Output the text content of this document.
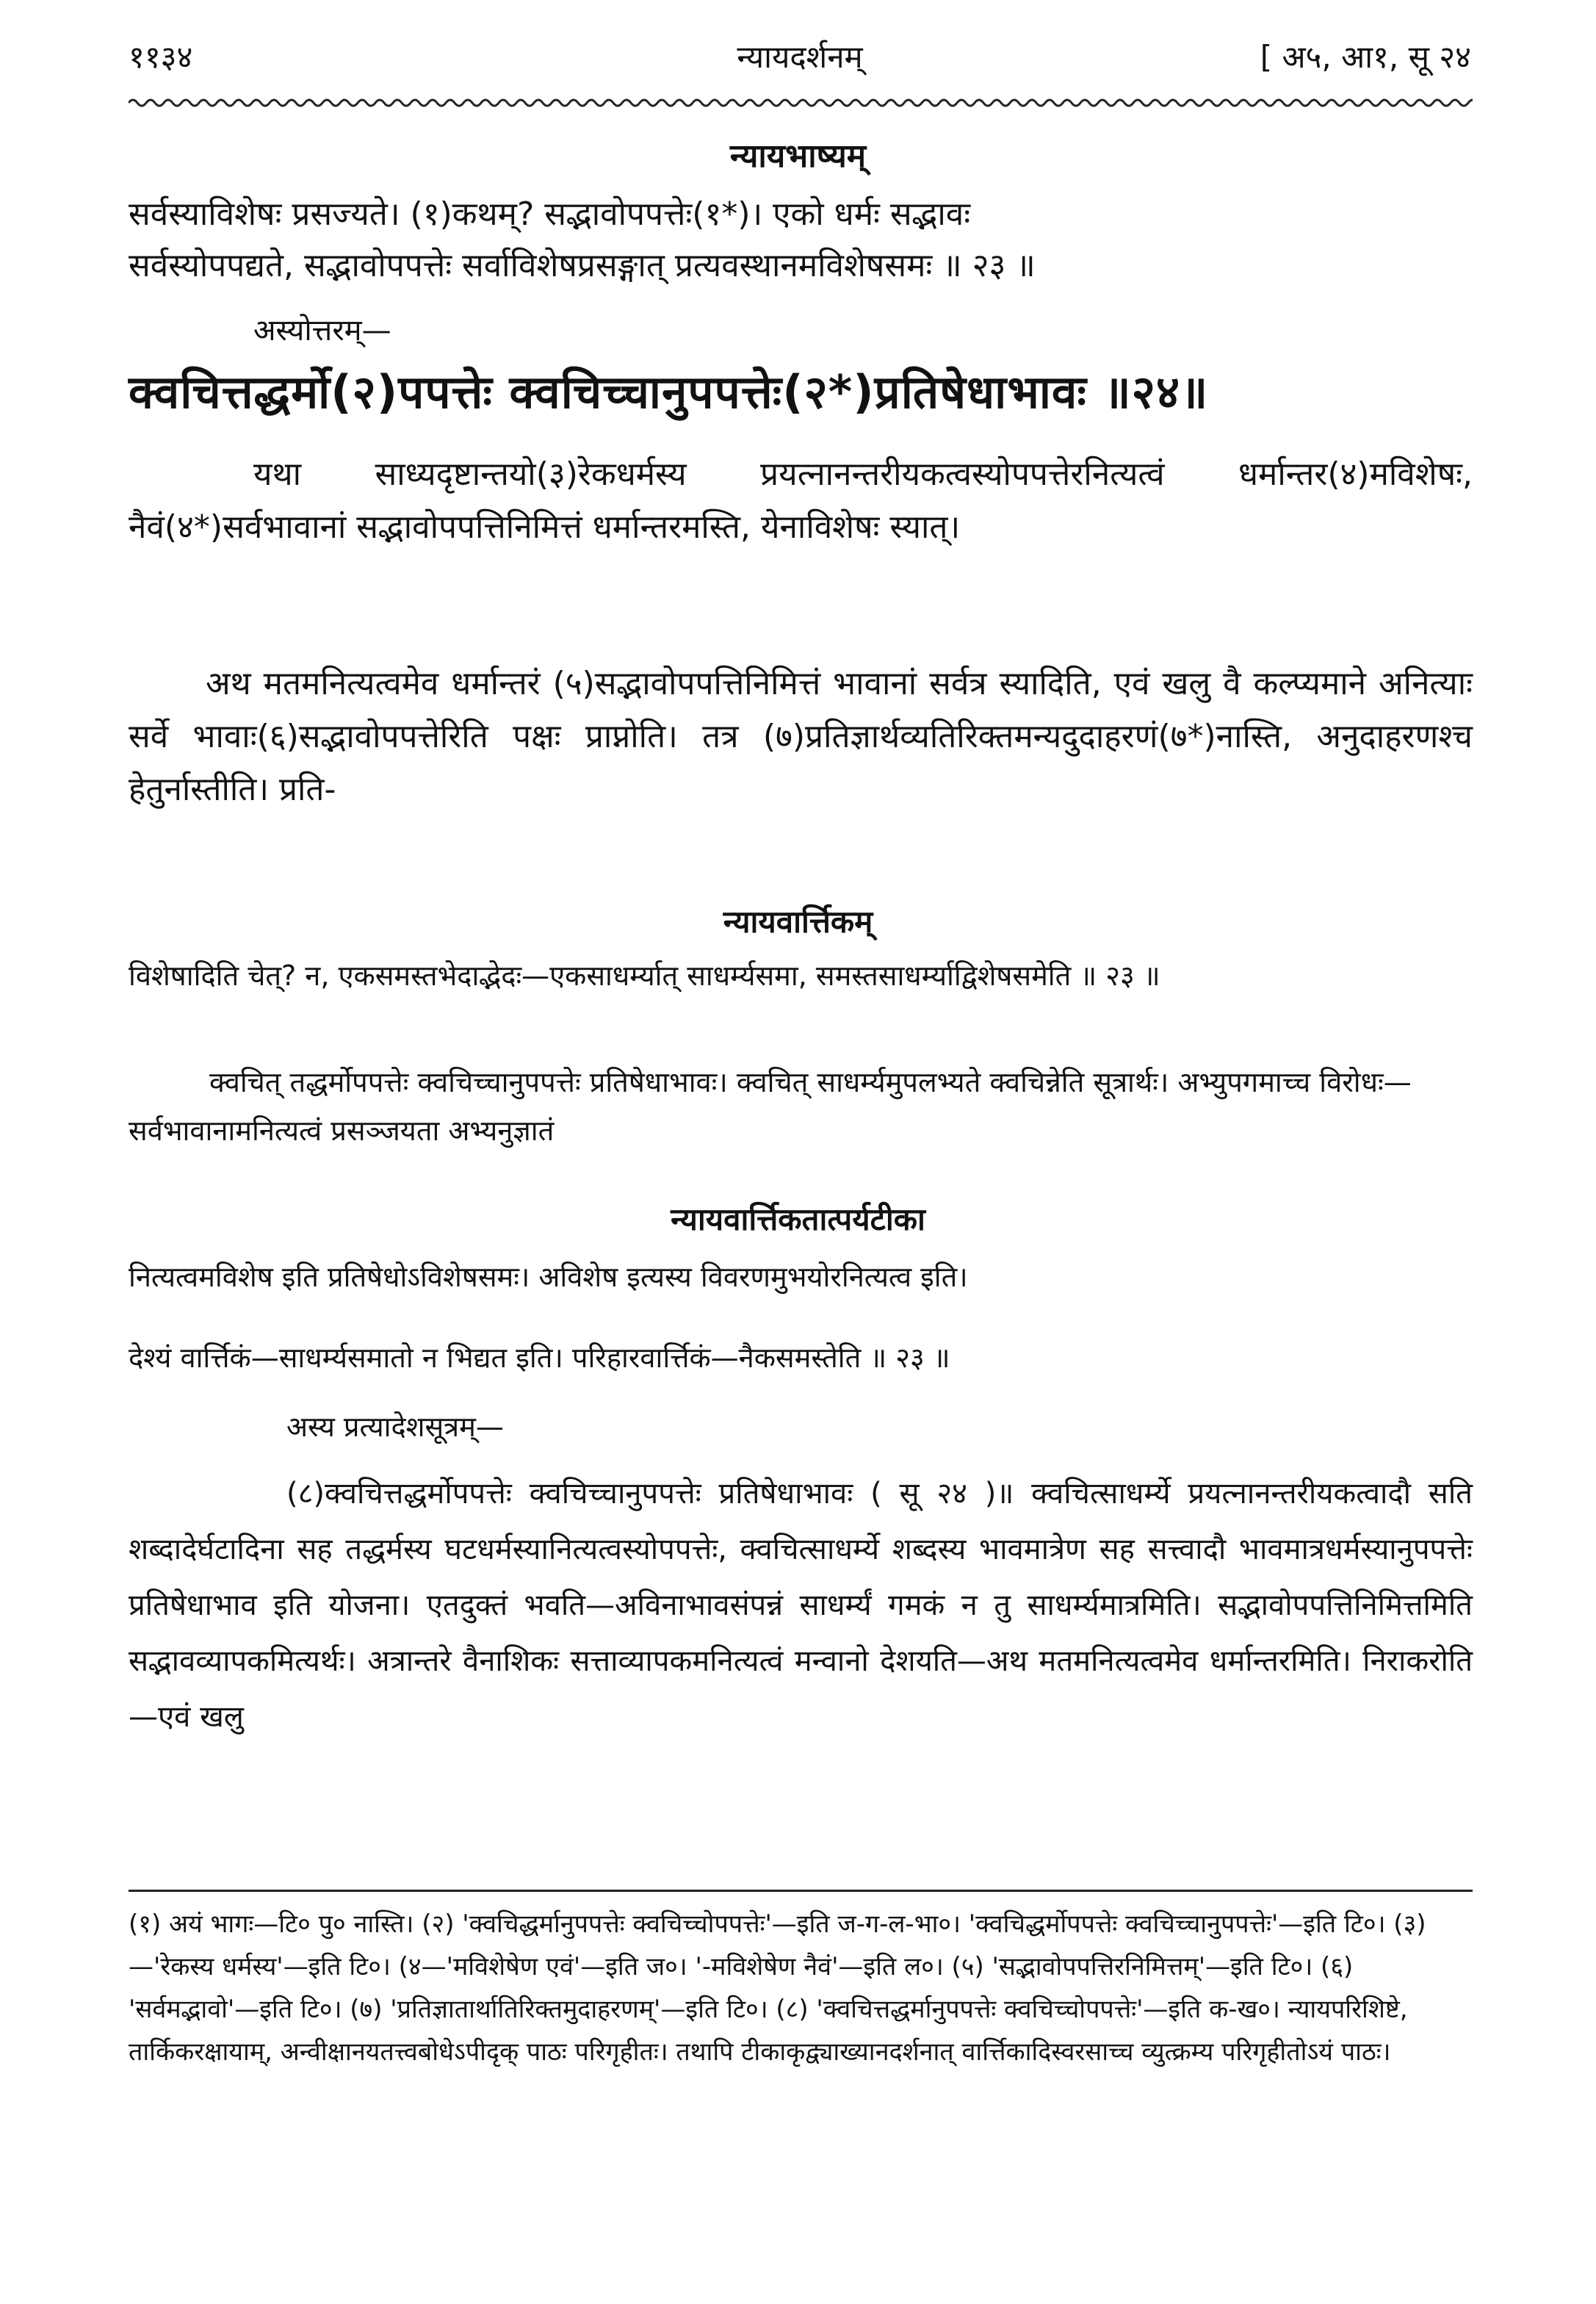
११३४	न्यायदर्शनम्	[ अ५, आ१, सू २४
न्यायभाष्यम्
सर्वस्याविशेषः प्रसज्यते। (१)कथम्? सद्भावोपपत्तेः(१*)। एको धर्मः सद्भावः
सर्वस्योपपद्यते, सद्भावोपपत्तेः सर्वाविशेषप्रसङ्गात् प्रत्यवस्थानमविशेषसमः ॥ २३ ॥
अस्योत्तरम्—
क्वचित्तद्धर्मो(२)पपत्तेः क्वचिच्चानुपपत्तेः(२*)प्रतिषेधाभावः ॥२४॥
यथा साध्यदृष्टान्तयो(३)रेकधर्मस्य प्रयत्नानन्तरीयकत्वस्योपपत्तेरनित्यत्वं धर्मान्तर(४)मविशेषः, नैवं(४*)सर्वभावानां सद्भावोपपत्तिनिमित्तं धर्मान्तरमस्ति, येनाविशेषः स्यात्।
अथ मतमनित्यत्वमेव धर्मान्तरं (५)सद्भावोपपत्तिनिमित्तं भावानां सर्वत्र स्यादिति, एवं खलु वै कल्प्यमाने अनित्याः सर्वे भावाः(६)सद्भावोपपत्तेरिति पक्षः प्राप्नोति। तत्र (७)प्रतिज्ञार्थव्यतिरिक्तमन्यदुदाहरणं(७*)नास्ति, अनुदाहरणश्च हेतुर्नास्तीति। प्रति-
न्यायवार्त्तिकम्
विशेषादिति चेत्? न, एकसमस्तभेदाद्भेदः—एकसाधर्म्यात् साधर्म्यसमा, समस्तसाधर्म्याद्विशेषसमेति ॥ २३ ॥
क्वचित् तद्धर्मोपपत्तेः क्वचिच्चानुपपत्तेः प्रतिषेधाभावः। क्वचित् साधर्म्यमुपलभ्यते क्वचिन्नेति सूत्रार्थः। अभ्युपगमाच्च विरोधः—सर्वभावानामनित्यत्वं प्रसञ्जयता अभ्यनुज्ञातं
न्यायवार्त्तिकतात्पर्यटीका
नित्यत्वमविशेष इति प्रतिषेधोऽविशेषसमः। अविशेष इत्यस्य विवरणमुभयोरनित्यत्व इति।
देश्यं वार्त्तिकं—साधर्म्यसमातो न भिद्यत इति। परिहारवार्त्तिकं—नैकसमस्तेति ॥ २३ ॥
अस्य प्रत्यादेशसूत्रम्—
(८)क्वचित्तद्धर्मोपपत्तेः क्वचिच्चानुपपत्तेः प्रतिषेधाभावः ( सू २४ )॥ क्वचित्साधर्म्ये प्रयत्नानन्तरीयकत्वादौ सति शब्दादेर्घटादिना सह तद्धर्मस्य घटधर्मस्यानित्यत्वस्योपपत्तेः, क्वचित्साधर्म्ये शब्दस्य भावमात्रेण सह सत्त्वादौ भावमात्रधर्मस्यानुपपत्तेः प्रतिषेधाभाव इति योजना। एतदुक्तं भवति—अविनाभावसंपन्नं साधर्म्यं गमकं न तु साधर्म्यमात्रमिति। सद्भावोपपत्तिनिमित्तमिति सद्भावव्यापकमित्यर्थः। अत्रान्तरे वैनाशिकः सत्ताव्यापकमनित्यत्वं मन्वानो देशयति—अथ मतमनित्यत्वमेव धर्मान्तरमिति। निराकरोति—एवं खलु
(१) अयं भागः—टि० पु० नास्ति। (२) 'क्वचिद्धर्मानुपपत्तेः क्वचिच्चोपपत्तेः'—इति ज-ग-ल-भा०। 'क्वचिद्धर्मोपपत्तेः क्वचिच्चानुपपत्तेः'—इति टि०। (३)—'रेकस्य धर्मस्य'—इति टि०। (४—'मविशेषेण एवं'—इति ज०। '-मविशेषेण नैवं'—इति ल०। (५) 'सद्भावोपपत्तिरनिमित्तम्'—इति टि०। (६) 'सर्वमद्भावो'—इति टि०। (७) 'प्रतिज्ञातार्थातिरिक्तमुदाहरणम्'—इति टि०। (८) 'क्वचित्तद्धर्मानुपपत्तेः क्वचिच्चोपपत्तेः'—इति क-ख०। न्यायपरिशिष्टे, तार्किकरक्षायाम्, अन्वीक्षानयतत्त्वबोधेऽपीदृक् पाठः परिगृहीतः। तथापि टीकाकृद्व्याख्यानदर्शनात् वार्त्तिकादिस्वरसाच्च व्युत्क्रम्य परिगृहीतोऽयं पाठः।
